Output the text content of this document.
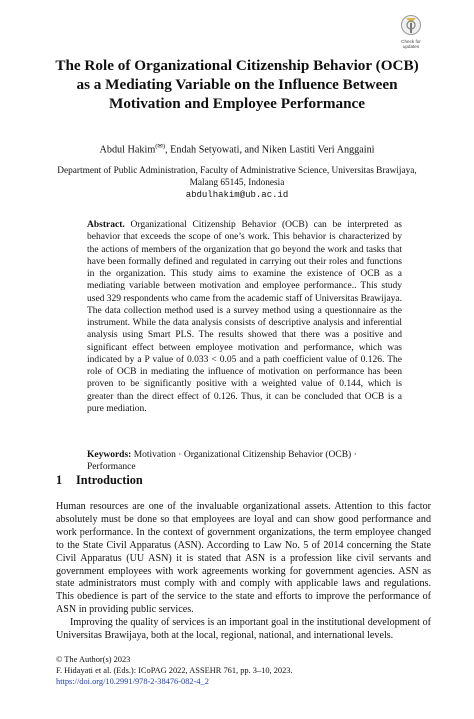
Check for
updates
The Role of Organizational Citizenship Behavior (OCB) as a Mediating Variable on the Influence Between Motivation and Employee Performance
Abdul Hakim(✉), Endah Setyowati, and Niken Lastiti Veri Anggaini
Department of Public Administration, Faculty of Administrative Science, Universitas Brawijaya,
Malang 65145, Indonesia
abdulhakim@ub.ac.id
Abstract. Organizational Citizenship Behavior (OCB) can be interpreted as behavior that exceeds the scope of one’s work. This behavior is characterized by the actions of members of the organization that go beyond the work and tasks that have been formally defined and regulated in carrying out their roles and functions in the organization. This study aims to examine the existence of OCB as a mediating variable between motivation and employee performance.. This study used 329 respondents who came from the academic staff of Universitas Brawijaya. The data collection method used is a survey method using a questionnaire as the instrument. While the data analysis consists of descriptive analysis and inferential analysis using Smart PLS. The results showed that there was a positive and significant effect between employee motivation and performance, which was indicated by a P value of 0.033 < 0.05 and a path coefficient value of 0.126. The role of OCB in mediating the influence of motivation on performance has been proven to be significantly positive with a weighted value of 0.144, which is greater than the direct effect of 0.126. Thus, it can be concluded that OCB is a pure mediation.
Keywords: Motivation · Organizational Citizenship Behavior (OCB) · Performance
1 Introduction

Human resources are one of the invaluable organizational assets. Attention to this factor absolutely must be done so that employees are loyal and can show good performance and work performance. In the context of government organizations, the term employee changed to the State Civil Apparatus (ASN). According to Law No. 5 of 2014 concerning the State Civil Apparatus (UU ASN) it is stated that ASN is a profession like civil servants and government employees with work agreements working for government agencies. ASN as state administrators must comply with and comply with applicable laws and regulations. This obedience is part of the service to the state and efforts to improve the performance of ASN in providing public services.

Improving the quality of services is an important goal in the institutional development of Universitas Brawijaya, both at the local, regional, national, and international levels.

© The Author(s) 2023
F. Hidayati et al. (Eds.): ICoPAG 2022, ASSEHR 761, pp. 3–10, 2023.
https://doi.org/10.2991/978-2-38476-082-4_2
